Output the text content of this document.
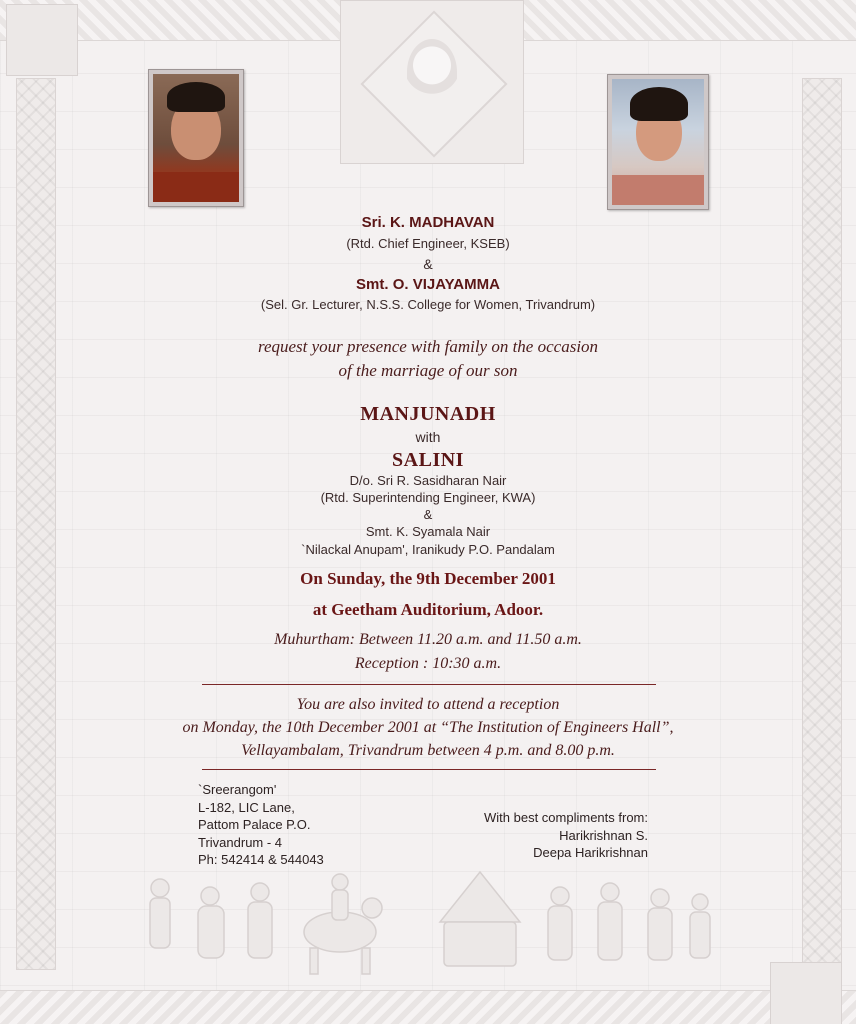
Sri. K. MADHAVAN
(Rtd. Chief Engineer, KSEB)
&
Smt. O. VIJAYAMMA
(Sel. Gr. Lecturer, N.S.S. College for Women, Trivandrum)
request your presence with family on the occasion
of the marriage of our son
MANJUNADH
with
SALINI
D/o. Sri R. Sasidharan Nair
(Rtd. Superintending Engineer, KWA)
&
Smt. K. Syamala Nair
`Nilackal Anupam', Iranikudy P.O. Pandalam
On Sunday, the 9th December 2001
at Geetham Auditorium, Adoor.
Muhurtham: Between 11.20 a.m. and 11.50 a.m.
Reception : 10:30 a.m.
You are also invited to attend a reception
on Monday, the 10th December 2001 at “The Institution of Engineers Hall”,
Vellayambalam, Trivandrum between 4 p.m. and 8.00 p.m.
`Sreerangom'
L-182, LIC Lane,
Pattom Palace P.O.
Trivandrum - 4
Ph: 542414 & 544043
With best compliments from:
Harikrishnan S.
Deepa Harikrishnan
